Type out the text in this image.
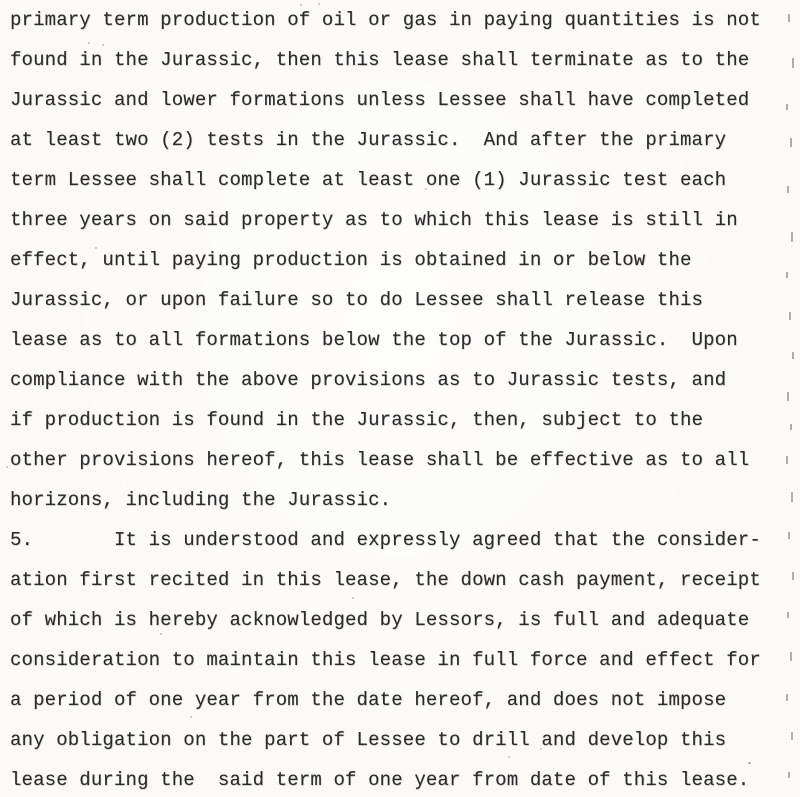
primary term production of oil or gas in paying quantities is not
found in the Jurassic, then this lease shall terminate as to the
Jurassic and lower formations unless Lessee shall have completed
at least two (2) tests in the Jurassic.  And after the primary
term Lessee shall complete at least one (1) Jurassic test each
three years on said property as to which this lease is still in
effect, until paying production is obtained in or below the
Jurassic, or upon failure so to do Lessee shall release this
lease as to all formations below the top of the Jurassic.  Upon
compliance with the above provisions as to Jurassic tests, and
if production is found in the Jurassic, then, subject to the
other provisions hereof, this lease shall be effective as to all
horizons, including the Jurassic.
5.       It is understood and expressly agreed that the consider-
ation first recited in this lease, the down cash payment, receipt
of which is hereby acknowledged by Lessors, is full and adequate
consideration to maintain this lease in full force and effect for
a period of one year from the date hereof, and does not impose
any obligation on the part of Lessee to drill and develop this
lease during the  said term of one year from date of this lease.
